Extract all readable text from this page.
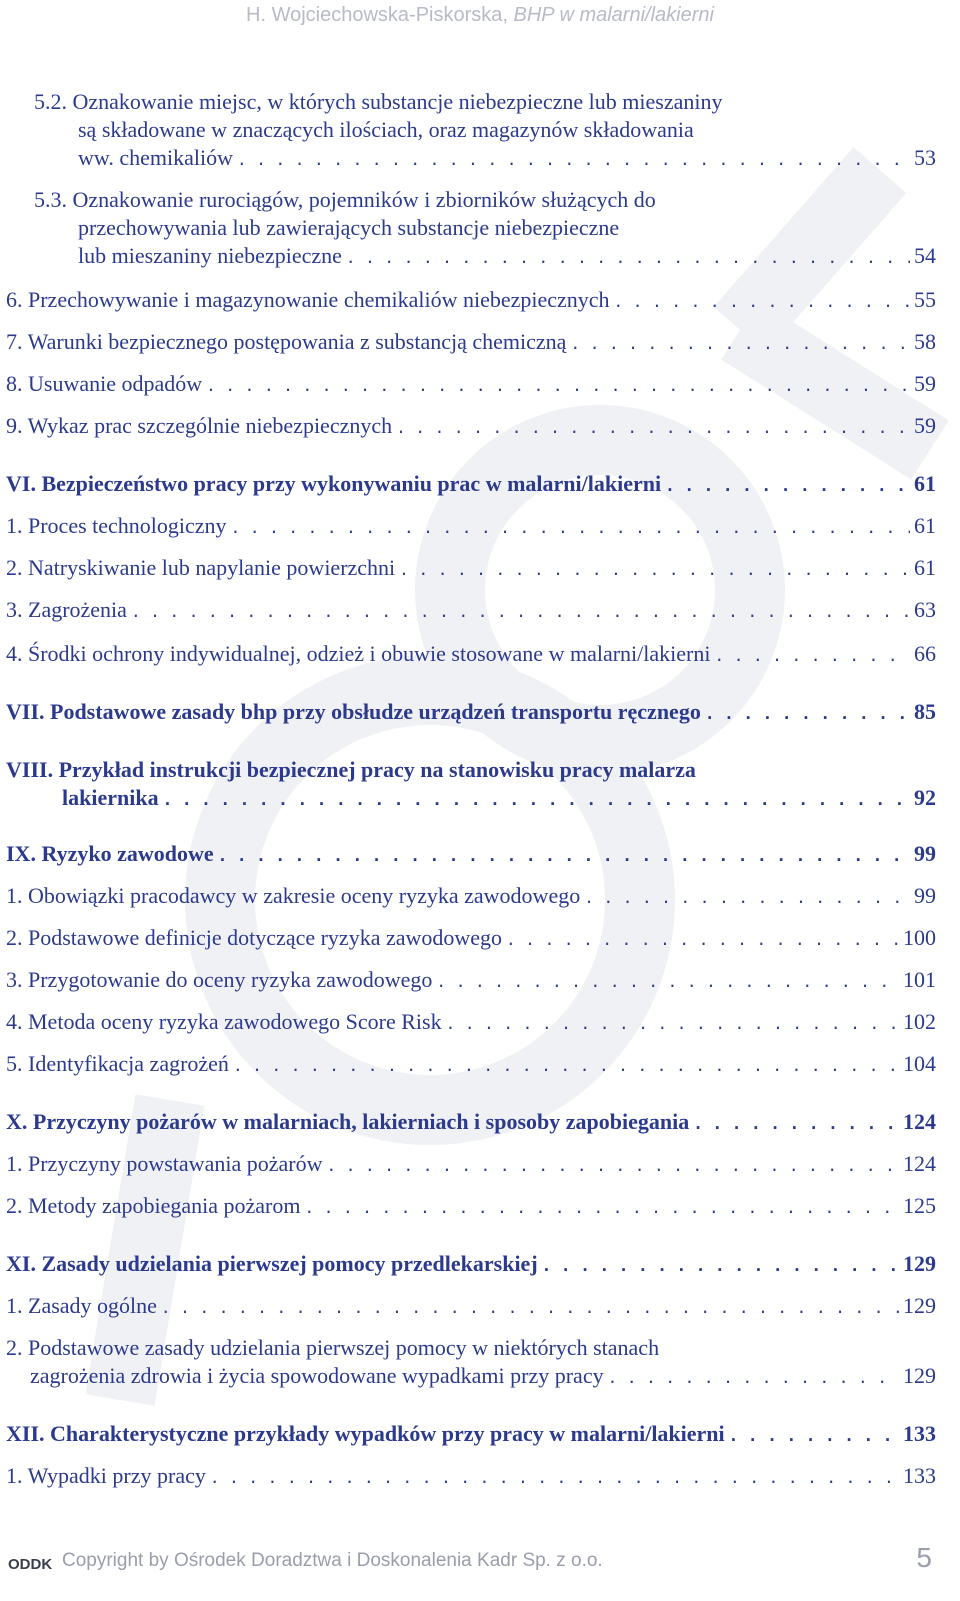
H. Wojciechowska-Piskorska, BHP w malarni/lakierni
5.2. Oznakowanie miejsc, w których substancje niebezpieczne lub mieszaniny
są składowane w znaczących ilościach, oraz magazynów składowania
ww. chemikaliów . . .	53
5.3. Oznakowanie rurociągów, pojemników i zbiorników służących do
przechowywania lub zawierających substancje niebezpieczne
lub mieszaniny niebezpieczne . . .	54
6. Przechowywanie i magazynowanie chemikaliów niebezpiecznych . . .	55
7. Warunki bezpiecznego postępowania z substancją chemiczną . . .	58
8. Usuwanie odpadów . . .	59
9. Wykaz prac szczególnie niebezpiecznych . . .	59
VI. Bezpieczeństwo pracy przy wykonywaniu prac w malarni/lakierni . . .	61
1. Proces technologiczny . . .	61
2. Natryskiwanie lub napylanie powierzchni . . .	61
3. Zagrożenia . . .	63
4. Środki ochrony indywidualnej, odzież i obuwie stosowane w malarni/lakierni . . .	66
VII. Podstawowe zasady bhp przy obsłudze urządzeń transportu ręcznego . . .	85
VIII. Przykład instrukcji bezpiecznej pracy na stanowisku pracy malarza
lakiernika . . .	92
IX. Ryzyko zawodowe . . .	99
1. Obowiązki pracodawcy w zakresie oceny ryzyka zawodowego . . .	99
2. Podstawowe definicje dotyczące ryzyka zawodowego . . .	100
3. Przygotowanie do oceny ryzyka zawodowego . . .	101
4. Metoda oceny ryzyka zawodowego Score Risk . . .	102
5. Identyfikacja zagrożeń . . .	104
X. Przyczyny pożarów w malarniach, lakierniach i sposoby zapobiegania . . .	124
1. Przyczyny powstawania pożarów . . .	124
2. Metody zapobiegania pożarom . . .	125
XI. Zasady udzielania pierwszej pomocy przedlekarskiej . . .	129
1. Zasady ogólne . . .	129
2. Podstawowe zasady udzielania pierwszej pomocy w niektórych stanach
zagrożenia zdrowia i życia spowodowane wypadkami przy pracy . . .	129
XII. Charakterystyczne przykłady wypadków przy pracy w malarni/lakierni . . .	133
1. Wypadki przy pracy . . .	133
ODDK Copyright by Ośrodek Doradztwa i Doskonalenia Kadr Sp. z o.o.	5
